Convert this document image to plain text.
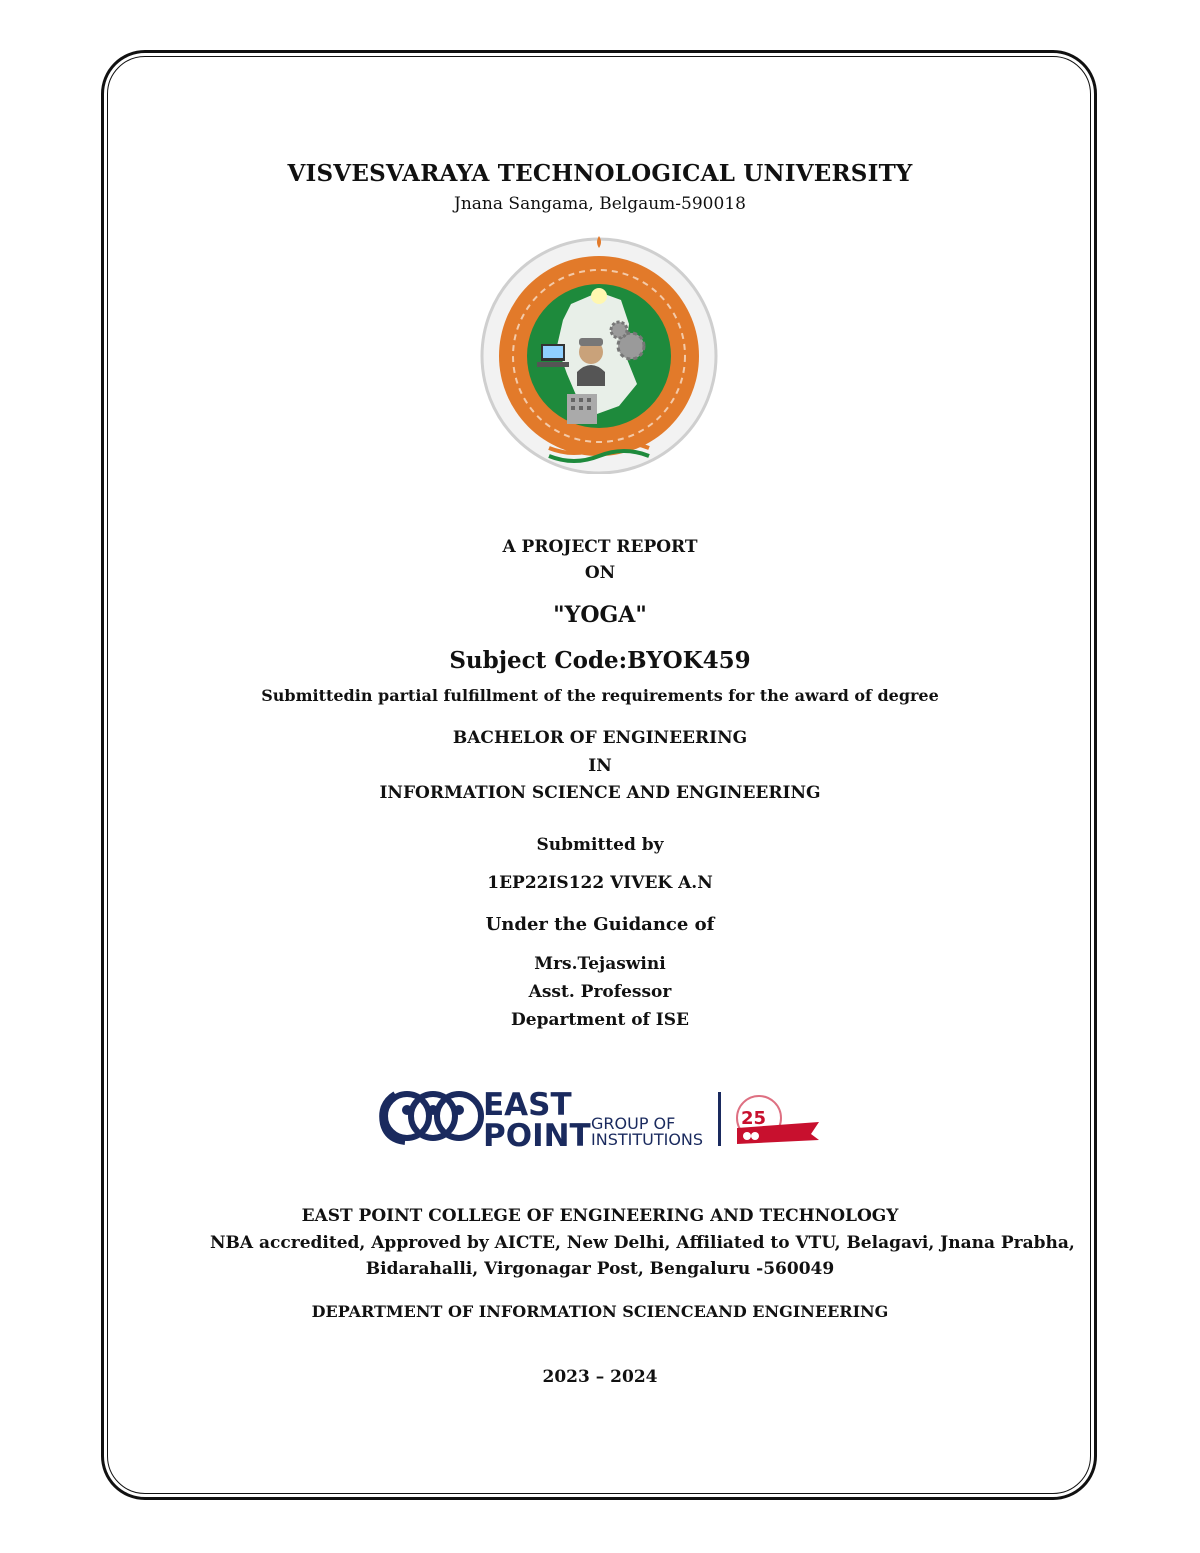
VISVESVARAYA TECHNOLOGICAL UNIVERSITY
Jnana Sangama, Belgaum-590018
A PROJECT REPORT
ON
"YOGA"
Subject Code:BYOK459
Submittedin partial fulfillment of the requirements for the award of degree
BACHELOR OF ENGINEERING
IN
INFORMATION SCIENCE AND ENGINEERING
Submitted by
1EP22IS122 VIVEK A.N
Under the Guidance of
Mrs.Tejaswini
Asst. Professor
Department of ISE
EAST
POINT GROUP OF
INSTITUTIONS
25
EAST POINT COLLEGE OF ENGINEERING AND TECHNOLOGY
NBA accredited, Approved by AICTE, New Delhi, Affiliated to VTU, Belagavi, Jnana Prabha,
Bidarahalli, Virgonagar Post, Bengaluru -560049
DEPARTMENT OF INFORMATION SCIENCEAND ENGINEERING
2023 – 2024
